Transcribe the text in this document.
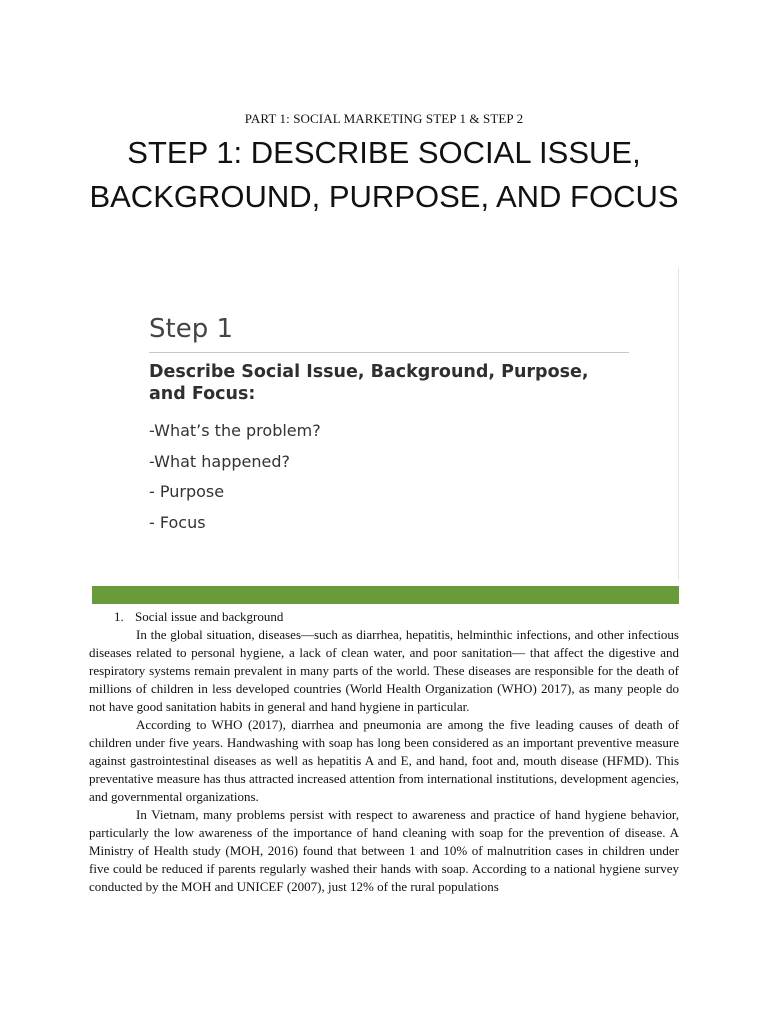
PART 1: SOCIAL MARKETING STEP 1 & STEP 2
STEP 1: DESCRIBE SOCIAL ISSUE, BACKGROUND, PURPOSE, AND FOCUS
Step 1

Describe Social Issue, Background, Purpose, and Focus:

-What’s the problem?
-What happened?
- Purpose
- Focus

1. Social issue and background

In the global situation, diseases—such as diarrhea, hepatitis, helminthic infections, and other infectious diseases related to personal hygiene, a lack of clean water, and poor sanitation— that affect the digestive and respiratory systems remain prevalent in many parts of the world. These diseases are responsible for the death of millions of children in less developed countries (World Health Organization (WHO) 2017), as many people do not have good sanitation habits in general and hand hygiene in particular.

According to WHO (2017), diarrhea and pneumonia are among the five leading causes of death of children under five years. Handwashing with soap has long been considered as an important preventive measure against gastrointestinal diseases as well as hepatitis A and E, and hand, foot and, mouth disease (HFMD). This preventative measure has thus attracted increased attention from international institutions, development agencies, and governmental organizations.

In Vietnam, many problems persist with respect to awareness and practice of hand hygiene behavior, particularly the low awareness of the importance of hand cleaning with soap for the prevention of disease. A Ministry of Health study (MOH, 2016) found that between 1 and 10% of malnutrition cases in children under five could be reduced if parents regularly washed their hands with soap. According to a national hygiene survey conducted by the MOH and UNICEF (2007), just 12% of the rural populations
